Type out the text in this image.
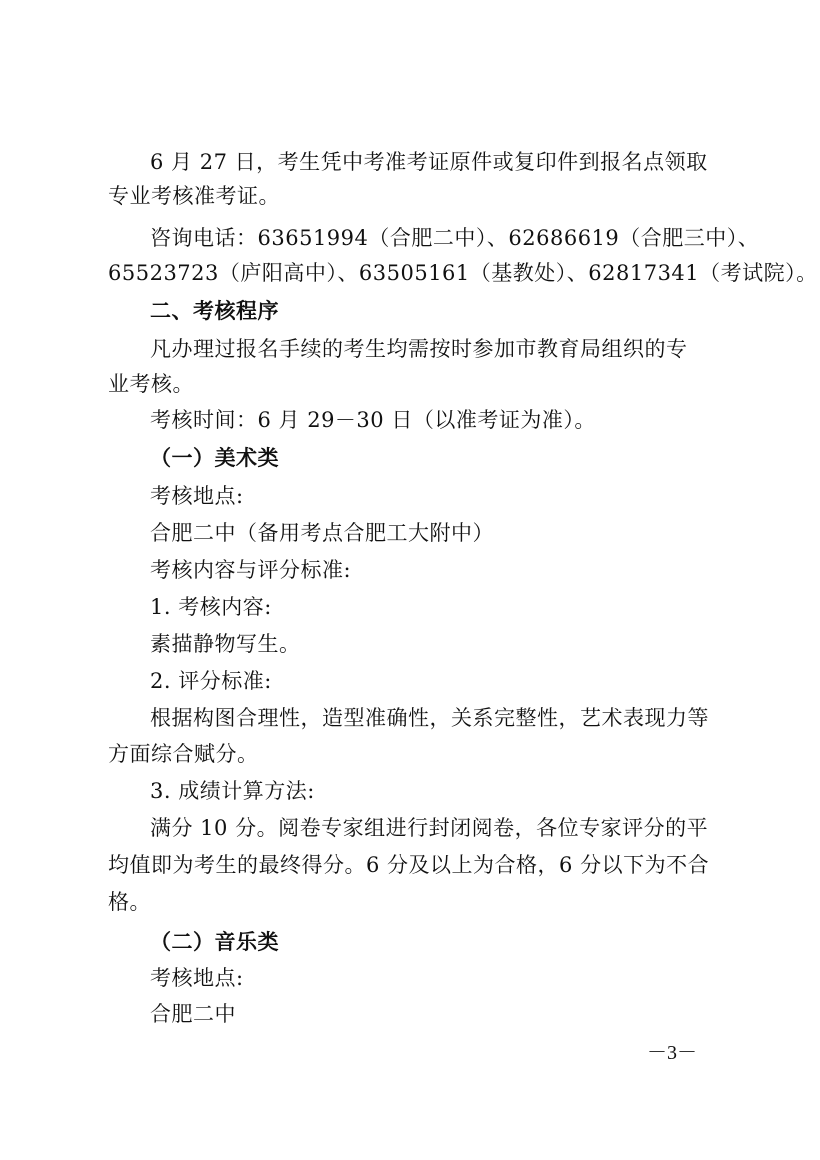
6 月 27 日，考生凭中考准考证原件或复印件到报名点领取

专业考核准考证。

咨询电话：63651994（合肥二中）、62686619（合肥三中）、

65523723（庐阳高中）、63505161（基教处）、62817341（考试院）。

二、考核程序

凡办理过报名手续的考生均需按时参加市教育局组织的专

业考核。

考核时间：6 月 29－30 日（以准考证为准）。

（一）美术类

考核地点:

合肥二中（备用考点合肥工大附中）

考核内容与评分标准:

1. 考核内容:

素描静物写生。

2. 评分标准:

根据构图合理性，造型准确性，关系完整性，艺术表现力等

方面综合赋分。

3. 成绩计算方法:

满分 10 分。阅卷专家组进行封闭阅卷，各位专家评分的平

均值即为考生的最终得分。6 分及以上为合格，6 分以下为不合

格。

（二）音乐类

考核地点:

合肥二中

－3－
